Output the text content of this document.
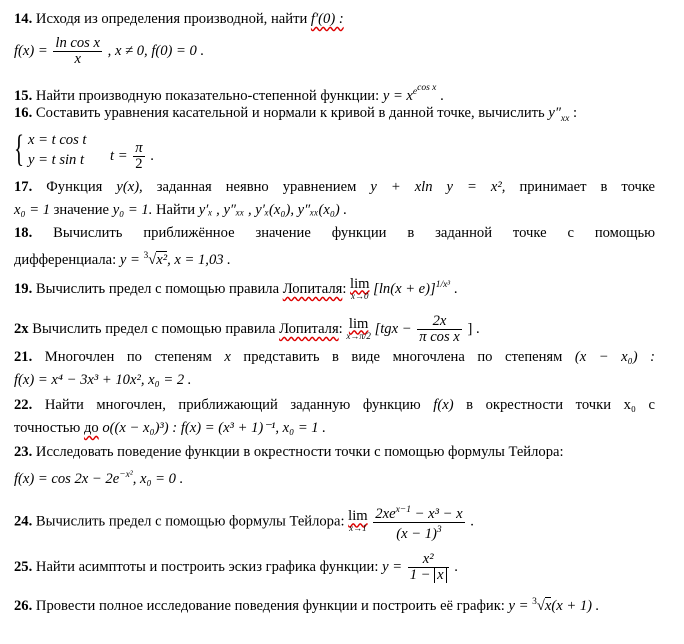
14. Исходя из определения производной, найти f′(0) :
$f(x) = \frac{\text{ln cos x}}{x}$ , x ≠ 0, f(0) = 0 .
15. Найти производную показательно-степенной функции: $y = x^{e^{cos x}}$ .
16. Составить уравнения касательной и нормали к кривой в данной точке, вычислить $y''_{xx}$ :
{ x = t cos t
y = t sin t	$t = \frac{\pi}{2}$ .
17. Функция y(x), заданная неявно уравнением y + xln y = x², принимает в точке
x₀ = 1 значение y₀ = 1. Найти y′ₓ , y″ₓₓ , y′ₓ(x₀), y″ₓₓ(x₀) .
18. Вычислить приближённое значение функции в заданной точке с помощью
дифференциала: y = $^3$√x², x = 1,03 .
19. Вычислить предел с помощью правила Лопиталя: lim
x→0 $[\ln(x + e)]^{1/x^3}$ .
2x Вычислить предел с помощью правила Лопиталя: lim
x→π/2 [$tgx - \frac{2x}{\text{π cos x}}$ ] .
21. Многочлен по степеням x представить в виде многочлена по степеням (x − x₀) :
f(x) = x⁴ − 3x³ + 10x², x₀ = 2 .
22. Найти многочлен, приближающий заданную функцию f(x) в окрестности точки x₀ с
точностью до o((x − x₀)³) : f(x) = (x³ + 1)⁻¹, x₀ = 1 .
23. Исследовать поведение функции в окрестности точки с помощью формулы Тейлора:
$f(x) = \cos 2x - 2e^{-x^2}$, x₀ = 0 .
24. Вычислить предел с помощью формулы Тейлора: lim
x→1
$\frac{2xe^{x-1} - x^3 - x}{(x - 1)^3}$ .
25. Найти асимптоты и построить эскиз графика функции: $y = \frac{\text{x²}}{1 - x}$ .
26. Провести полное исследование поведения функции и построить её график: y = $^3$√x(x + 1) .
